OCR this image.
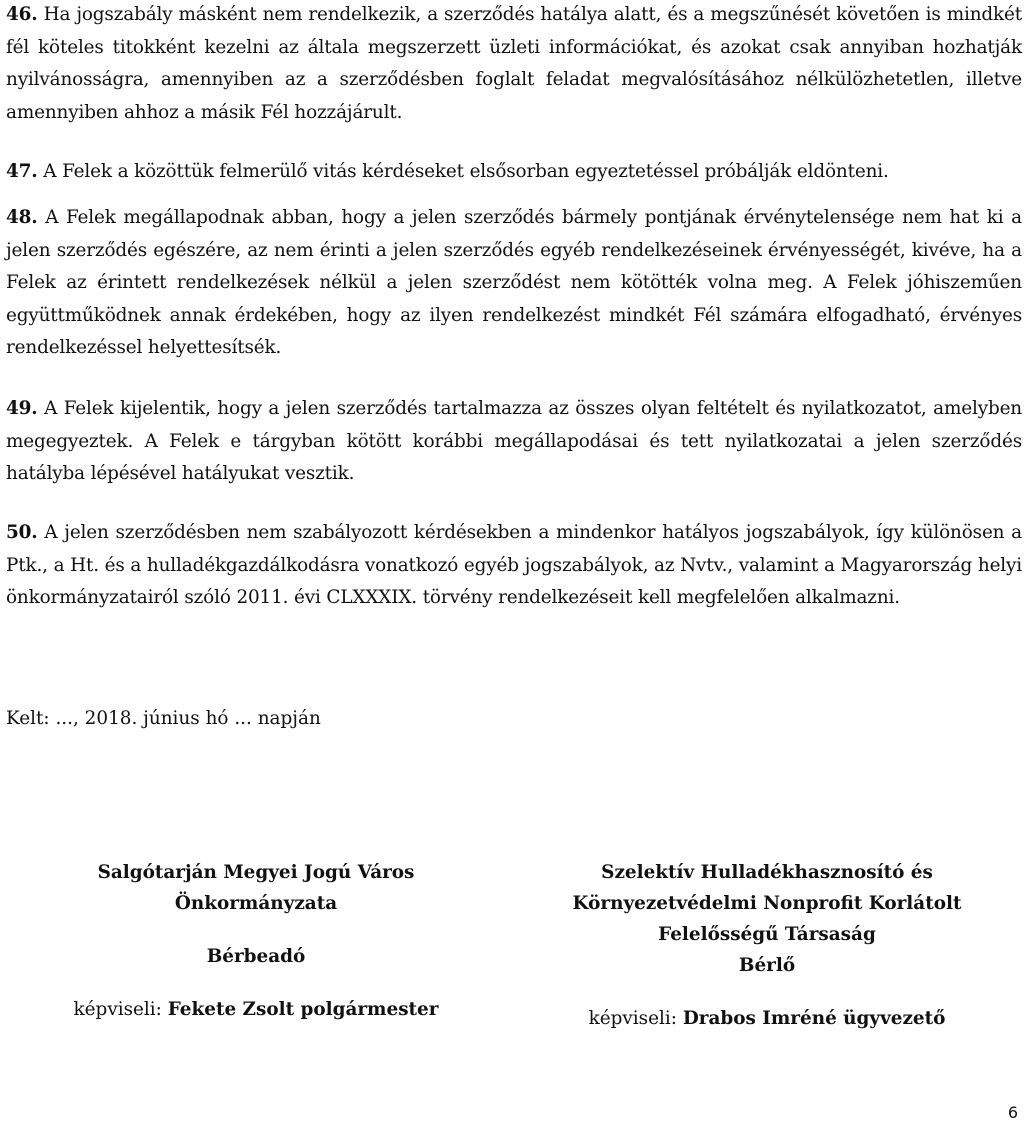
46. Ha jogszabály másként nem rendelkezik, a szerződés hatálya alatt, és a megszűnését követően is mindkét fél köteles titokként kezelni az általa megszerzett üzleti információkat, és azokat csak annyiban hozhatják nyilvánosságra, amennyiben az a szerződésben foglalt feladat megvalósításához nélkülözhetetlen, illetve amennyiben ahhoz a másik Fél hozzájárult.

47. A Felek a közöttük felmerülő vitás kérdéseket elsősorban egyeztetéssel próbálják eldönteni.

48. A Felek megállapodnak abban, hogy a jelen szerződés bármely pontjának érvénytelensége nem hat ki a jelen szerződés egészére, az nem érinti a jelen szerződés egyéb rendelkezéseinek érvényességét, kivéve, ha a Felek az érintett rendelkezések nélkül a jelen szerződést nem kötötték volna meg. A Felek jóhiszeműen együttműködnek annak érdekében, hogy az ilyen rendelkezést mindkét Fél számára elfogadható, érvényes rendelkezéssel helyettesítsék.

49. A Felek kijelentik, hogy a jelen szerződés tartalmazza az összes olyan feltételt és nyilatkozatot, amelyben megegyeztek. A Felek e tárgyban kötött korábbi megállapodásai és tett nyilatkozatai a jelen szerződés hatályba lépésével hatályukat vesztik.

50. A jelen szerződésben nem szabályozott kérdésekben a mindenkor hatályos jogszabályok, így különösen a Ptk., a Ht. és a hulladékgazdálkodásra vonatkozó egyéb jogszabályok, az Nvtv., valamint a Magyarország helyi önkormányzatairól szóló 2011. évi CLXXXIX. törvény rendelkezéseit kell megfelelően alkalmazni.

Kelt: ..., 2018. június hó ... napján
Salgótarján Megyei Jogú Város
Önkormányzata
Bérbeadó
képviseli: Fekete Zsolt polgármester
Szelektív Hulladékhasznosító és
Környezetvédelmi Nonprofit Korlátolt
Felelősségű Társaság
Bérlő
képviseli: Drabos Imréné ügyvezető
6
